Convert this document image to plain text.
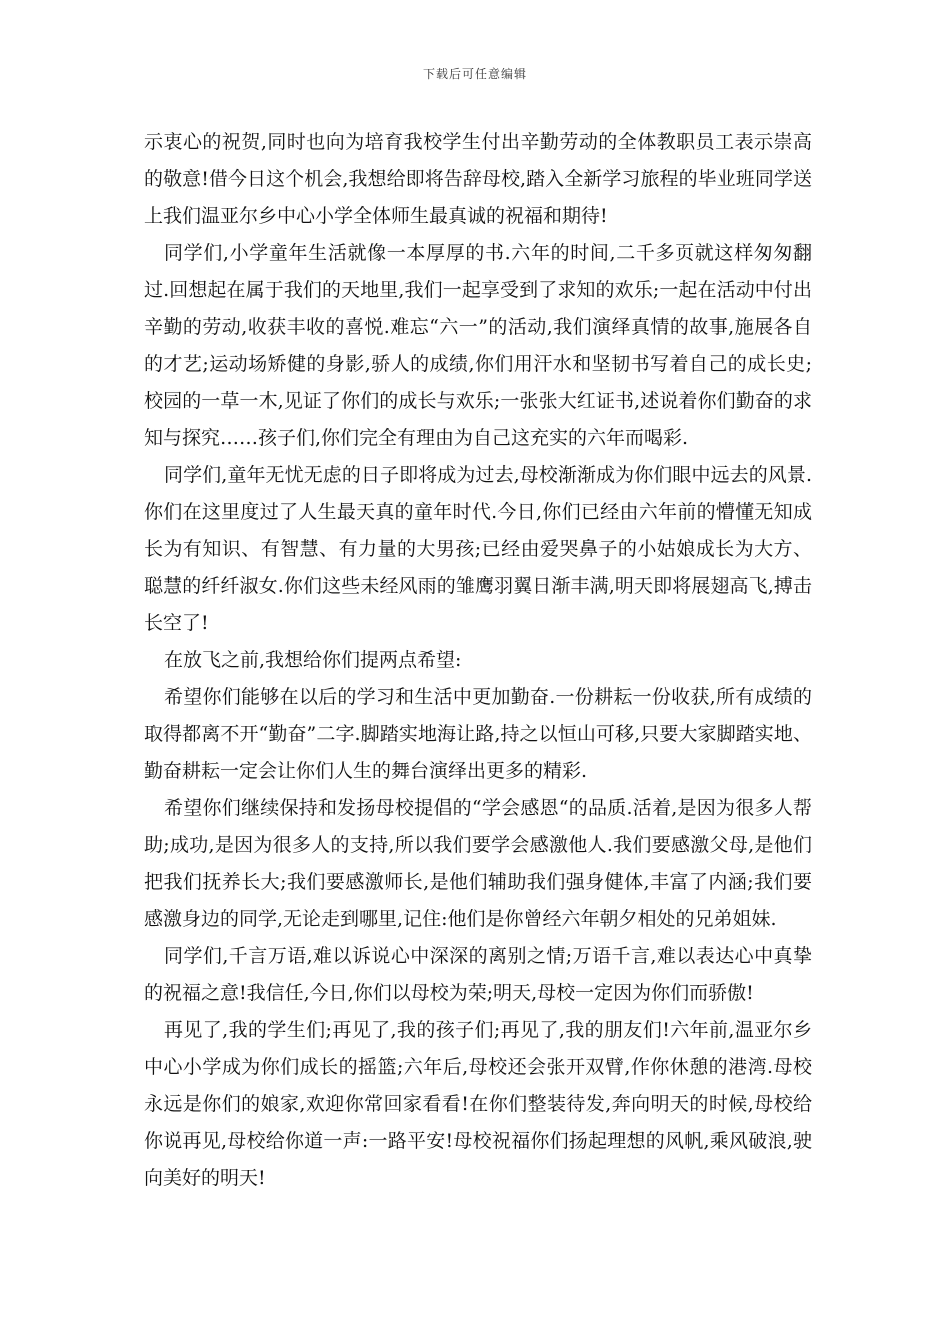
下载后可任意编辑

示衷心的祝贺,同时也向为培育我校学生付出辛勤劳动的全体教职员工表示崇高的敬意!借今日这个机会,我想给即将告辞母校,踏入全新学习旅程的毕业班同学送上我们温亚尔乡中心小学全体师生最真诚的祝福和期待!

同学们,小学童年生活就像一本厚厚的书.六年的时间,二千多页就这样匆匆翻过.回想起在属于我们的天地里,我们一起享受到了求知的欢乐;一起在活动中付出辛勤的劳动,收获丰收的喜悦.难忘“六一”的活动,我们演绎真情的故事,施展各自的才艺;运动场矫健的身影,骄人的成绩,你们用汗水和坚韧书写着自己的成长史;校园的一草一木,见证了你们的成长与欢乐;一张张大红证书,述说着你们勤奋的求知与探究……孩子们,你们完全有理由为自己这充实的六年而喝彩.

同学们,童年无忧无虑的日子即将成为过去,母校渐渐成为你们眼中远去的风景.你们在这里度过了人生最天真的童年时代.今日,你们已经由六年前的懵懂无知成长为有知识、有智慧、有力量的大男孩;已经由爱哭鼻子的小姑娘成长为大方、聪慧的纤纤淑女.你们这些未经风雨的雏鹰羽翼日渐丰满,明天即将展翅高飞,搏击长空了!

在放飞之前,我想给你们提两点希望:

希望你们能够在以后的学习和生活中更加勤奋.一份耕耘一份收获,所有成绩的取得都离不开“勤奋”二字.脚踏实地海让路,持之以恒山可移,只要大家脚踏实地、勤奋耕耘一定会让你们人生的舞台演绎出更多的精彩.

希望你们继续保持和发扬母校提倡的“学会感恩“的品质.活着,是因为很多人帮助;成功,是因为很多人的支持,所以我们要学会感激他人.我们要感激父母,是他们把我们抚养长大;我们要感激师长,是他们辅助我们强身健体,丰富了内涵;我们要感激身边的同学,无论走到哪里,记住:他们是你曾经六年朝夕相处的兄弟姐妹.

同学们,千言万语,难以诉说心中深深的离别之情;万语千言,难以表达心中真挚的祝福之意!我信任,今日,你们以母校为荣;明天,母校一定因为你们而骄傲!

再见了,我的学生们;再见了,我的孩子们;再见了,我的朋友们!六年前,温亚尔乡中心小学成为你们成长的摇篮;六年后,母校还会张开双臂,作你休憩的港湾.母校永远是你们的娘家,欢迎你常回家看看!在你们整装待发,奔向明天的时候,母校给你说再见,母校给你道一声:一路平安!母校祝福你们扬起理想的风帆,乘风破浪,驶向美好的明天!
